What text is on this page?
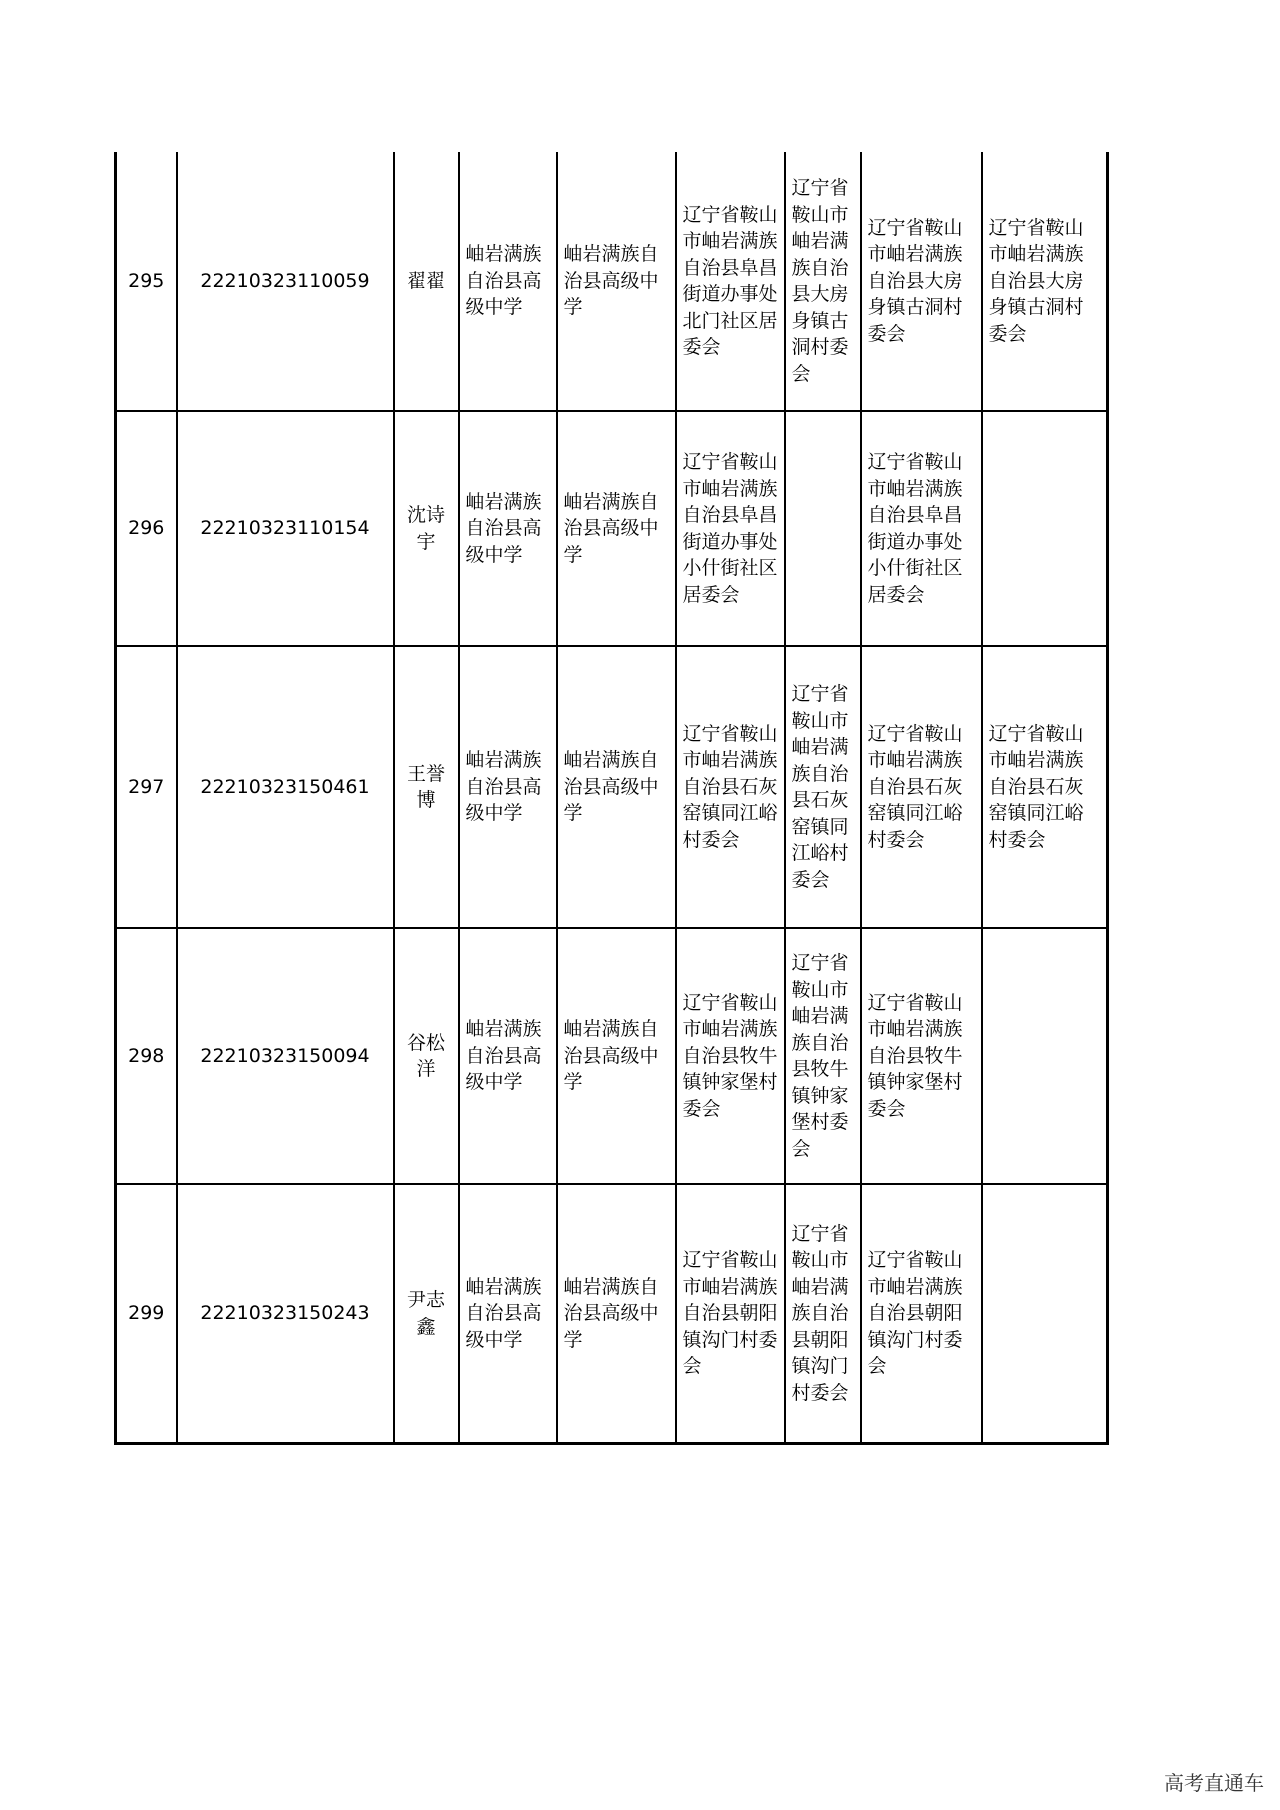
295	22210323110059	翟翟	岫岩满族自治县高级中学	岫岩满族自治县高级中学	辽宁省鞍山市岫岩满族自治县阜昌街道办事处北门社区居委会	辽宁省鞍山市岫岩满族自治县大房身镇古洞村委会	辽宁省鞍山市岫岩满族自治县大房身镇古洞村委会	辽宁省鞍山市岫岩满族自治县大房身镇古洞村委会

296	22210323110154	沈诗宇	岫岩满族自治县高级中学	岫岩满族自治县高级中学	辽宁省鞍山市岫岩满族自治县阜昌街道办事处小什街社区居委会		辽宁省鞍山市岫岩满族自治县阜昌街道办事处小什街社区居委会	

297	22210323150461	王誉博	岫岩满族自治县高级中学	岫岩满族自治县高级中学	辽宁省鞍山市岫岩满族自治县石灰窑镇同江峪村委会	辽宁省鞍山市岫岩满族自治县石灰窑镇同江峪村委会	辽宁省鞍山市岫岩满族自治县石灰窑镇同江峪村委会	辽宁省鞍山市岫岩满族自治县石灰窑镇同江峪村委会

298	22210323150094	谷松洋	岫岩满族自治县高级中学	岫岩满族自治县高级中学	辽宁省鞍山市岫岩满族自治县牧牛镇钟家堡村委会	辽宁省鞍山市岫岩满族自治县牧牛镇钟家堡村委会	辽宁省鞍山市岫岩满族自治县牧牛镇钟家堡村委会	

299	22210323150243	尹志鑫	岫岩满族自治县高级中学	岫岩满族自治县高级中学	辽宁省鞍山市岫岩满族自治县朝阳镇沟门村委会	辽宁省鞍山市岫岩满族自治县朝阳镇沟门村委会	辽宁省鞍山市岫岩满族自治县朝阳镇沟门村委会	

高考直通车
